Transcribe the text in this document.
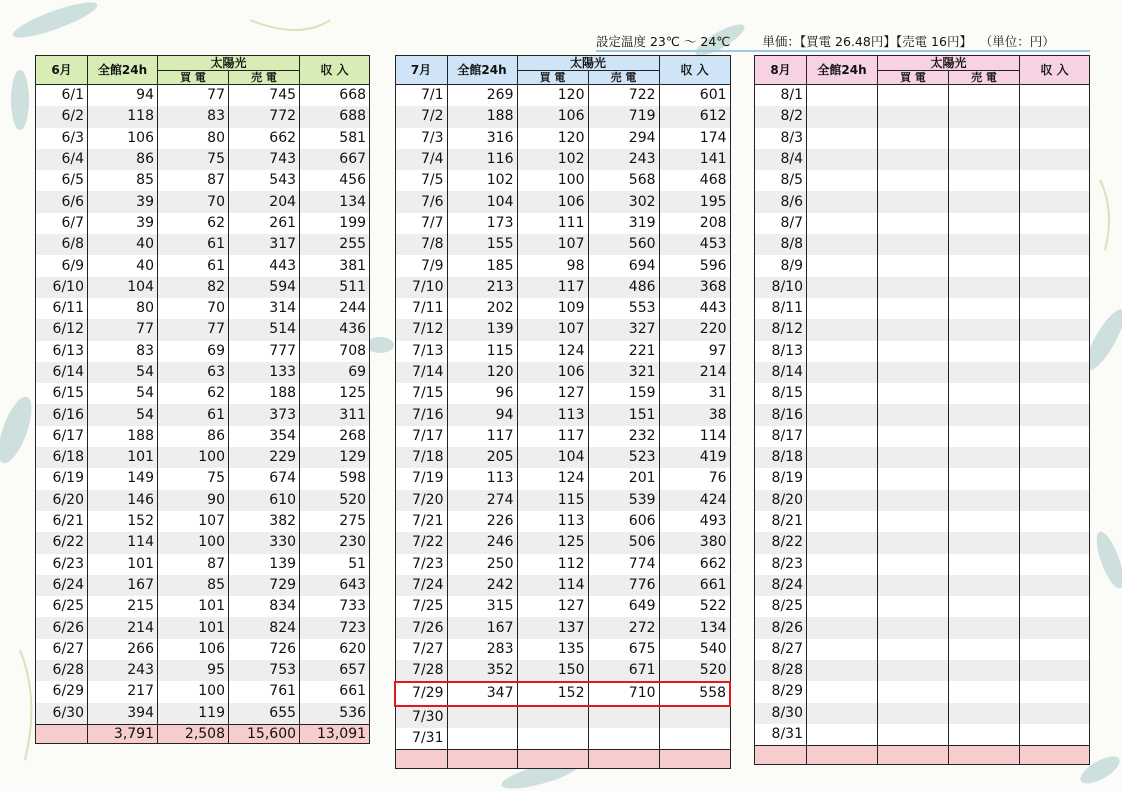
設定温度 23℃ ～ 24℃	単価：【買電 26.48円】【売電 16円】 （単位：円）
6月	全館24h	太陽光		収 入
		買 電	売 電	
6/1	94	77	745	668
6/2	118	83	772	688
6/3	106	80	662	581
6/4	86	75	743	667
6/5	85	87	543	456
6/6	39	70	204	134
6/7	39	62	261	199
6/8	40	61	317	255
6/9	40	61	443	381
6/10	104	82	594	511
6/11	80	70	314	244
6/12	77	77	514	436
6/13	83	69	777	708
6/14	54	63	133	69
6/15	54	62	188	125
6/16	54	61	373	311
6/17	188	86	354	268
6/18	101	100	229	129
6/19	149	75	674	598
6/20	146	90	610	520
6/21	152	107	382	275
6/22	114	100	330	230
6/23	101	87	139	51
6/24	167	85	729	643
6/25	215	101	834	733
6/26	214	101	824	723
6/27	266	106	726	620
6/28	243	95	753	657
6/29	217	100	761	661
6/30	394	119	655	536
	3,791	2,508	15,600	13,091
7月	全館24h	太陽光		収 入
		買 電	売 電	
7/1	269	120	722	601
7/2	188	106	719	612
7/3	316	120	294	174
7/4	116	102	243	141
7/5	102	100	568	468
7/6	104	106	302	195
7/7	173	111	319	208
7/8	155	107	560	453
7/9	185	98	694	596
7/10	213	117	486	368
7/11	202	109	553	443
7/12	139	107	327	220
7/13	115	124	221	97
7/14	120	106	321	214
7/15	96	127	159	31
7/16	94	113	151	38
7/17	117	117	232	114
7/18	205	104	523	419
7/19	113	124	201	76
7/20	274	115	539	424
7/21	226	113	606	493
7/22	246	125	506	380
7/23	250	112	774	662
7/24	242	114	776	661
7/25	315	127	649	522
7/26	167	137	272	134
7/27	283	135	675	540
7/28	352	150	671	520
7/29	347	152	710	558
7/30				
7/31				

8月	全館24h	太陽光		収 入
		買 電	売 電	
8/1				
8/2				
8/3				
8/4				
8/5				
8/6				
8/7				
8/8				
8/9				
8/10				
8/11				
8/12				
8/13				
8/14				
8/15				
8/16				
8/17				
8/18				
8/19				
8/20				
8/21				
8/22				
8/23				
8/24				
8/25				
8/26				
8/27				
8/28				
8/29				
8/30				
8/31				
